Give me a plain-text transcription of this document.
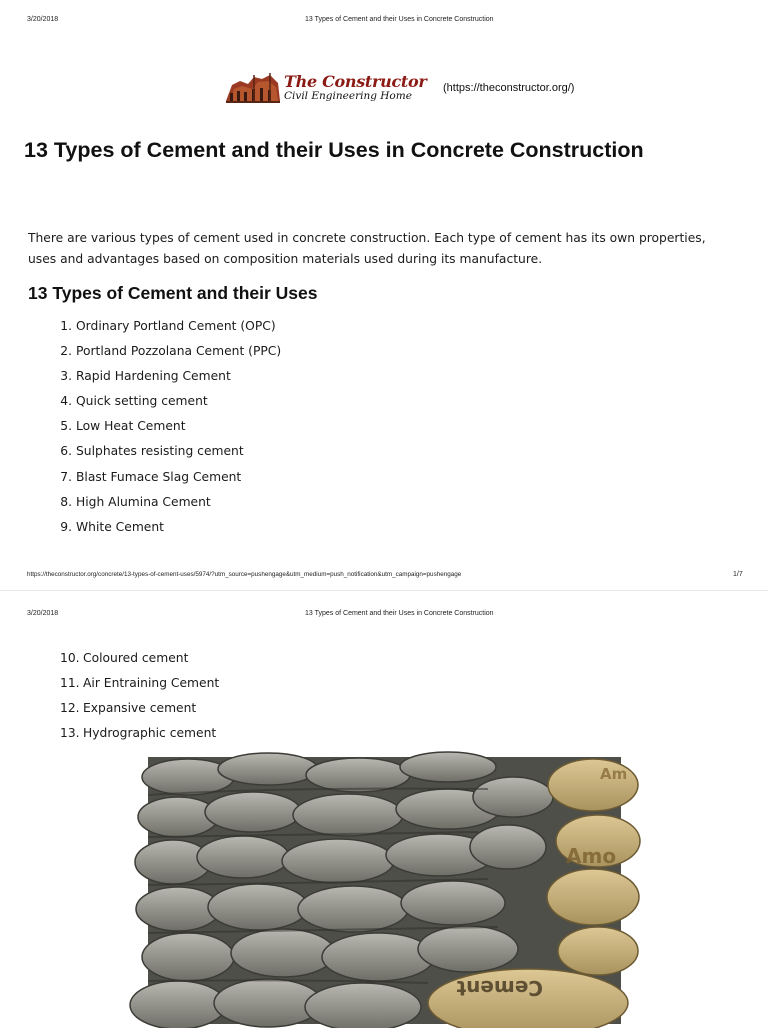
3/20/2018	13 Types of Cement and their Uses in Concrete Construction
The Constructor
Civil Engineering Home
(https://theconstructor.org/)
13 Types of Cement and their Uses in Concrete Construction

There are various types of cement used in concrete construction. Each type of cement has its own properties, uses and advantages based on composition materials used during its manufacture.

13 Types of Cement and their Uses
1. Ordinary Portland Cement (OPC)
2. Portland Pozzolana Cement (PPC)
3. Rapid Hardening Cement
4. Quick setting cement
5. Low Heat Cement
6. Sulphates resisting cement
7. Blast Fumace Slag Cement
8. High Alumina Cement
9. White Cement
https://theconstructor.org/concrete/13-types-of-cement-uses/5974/?utm_source=pushengage&utm_medium=push_notification&utm_campaign=pushengage	1/7
3/20/2018	13 Types of Cement and their Uses in Concrete Construction
10. Coloured cement
11. Air Entraining Cement
12. Expansive cement
13. Hydrographic cement
Am
Amo
Cement
